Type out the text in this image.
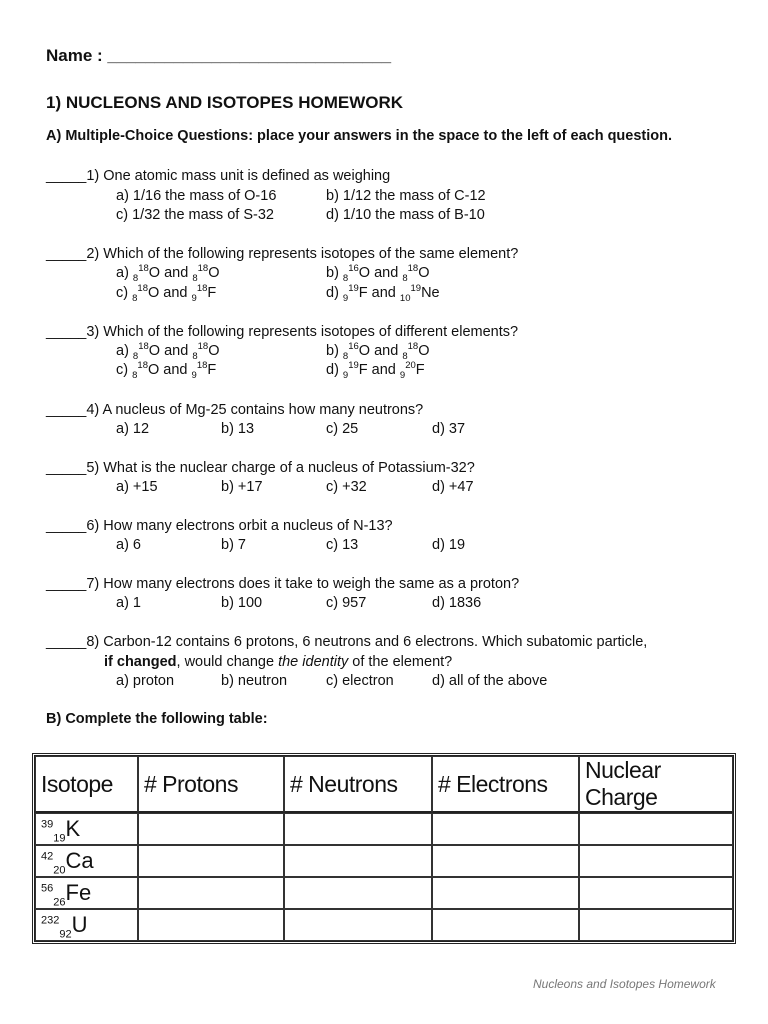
Name : ______________________________
1) NUCLEONS AND ISOTOPES HOMEWORK
A) Multiple-Choice Questions: place your answers in the space to the left of each question.
_____1) One atomic mass unit is defined as weighing
a) 1/16 the mass of O-16	b) 1/12 the mass of C-12
c) 1/32 the mass of S-32	d) 1/10 the mass of B-10
_____2) Which of the following represents isotopes of the same element?
a) $_8^{18}$O and $_8^{18}$O	b) $_8^{16}$O and $_8^{18}$O
c) $_8^{18}$O and $_9^{18}$F	d) $_9^{19}$F and $_{10}^{19}$Ne
_____3) Which of the following represents isotopes of different elements?
a) $_8^{18}$O and $_8^{18}$O	b) $_8^{16}$O and $_8^{18}$O
c) $_8^{18}$O and $_9^{18}$F	d) $_9^{19}$F and $_9^{20}$F
_____4) A nucleus of Mg-25 contains how many neutrons?
a) 12	b) 13	c) 25	d) 37
_____5) What is the nuclear charge of a nucleus of Potassium-32?
a) +15	b) +17	c) +32	d) +47
_____6) How many electrons orbit a nucleus of N-13?
a) 6	b) 7	c) 13	d) 19
_____7) How many electrons does it take to weigh the same as a proton?
a) 1	b) 100	c) 957	d) 1836
_____8) Carbon-12 contains 6 protons, 6 neutrons and 6 electrons. Which subatomic particle,
if changed, would change the identity of the element?
a) proton	b) neutron	c) electron	d) all of the above
B) Complete the following table:
Isotope	# Protons	# Neutrons	# Electrons	Nuclear Charge
$^{39}_{19}$K				
$^{42}_{20}$Ca				
$^{56}_{26}$Fe				
$^{232}_{92}$U				
Nucleons and Isotopes Homework
